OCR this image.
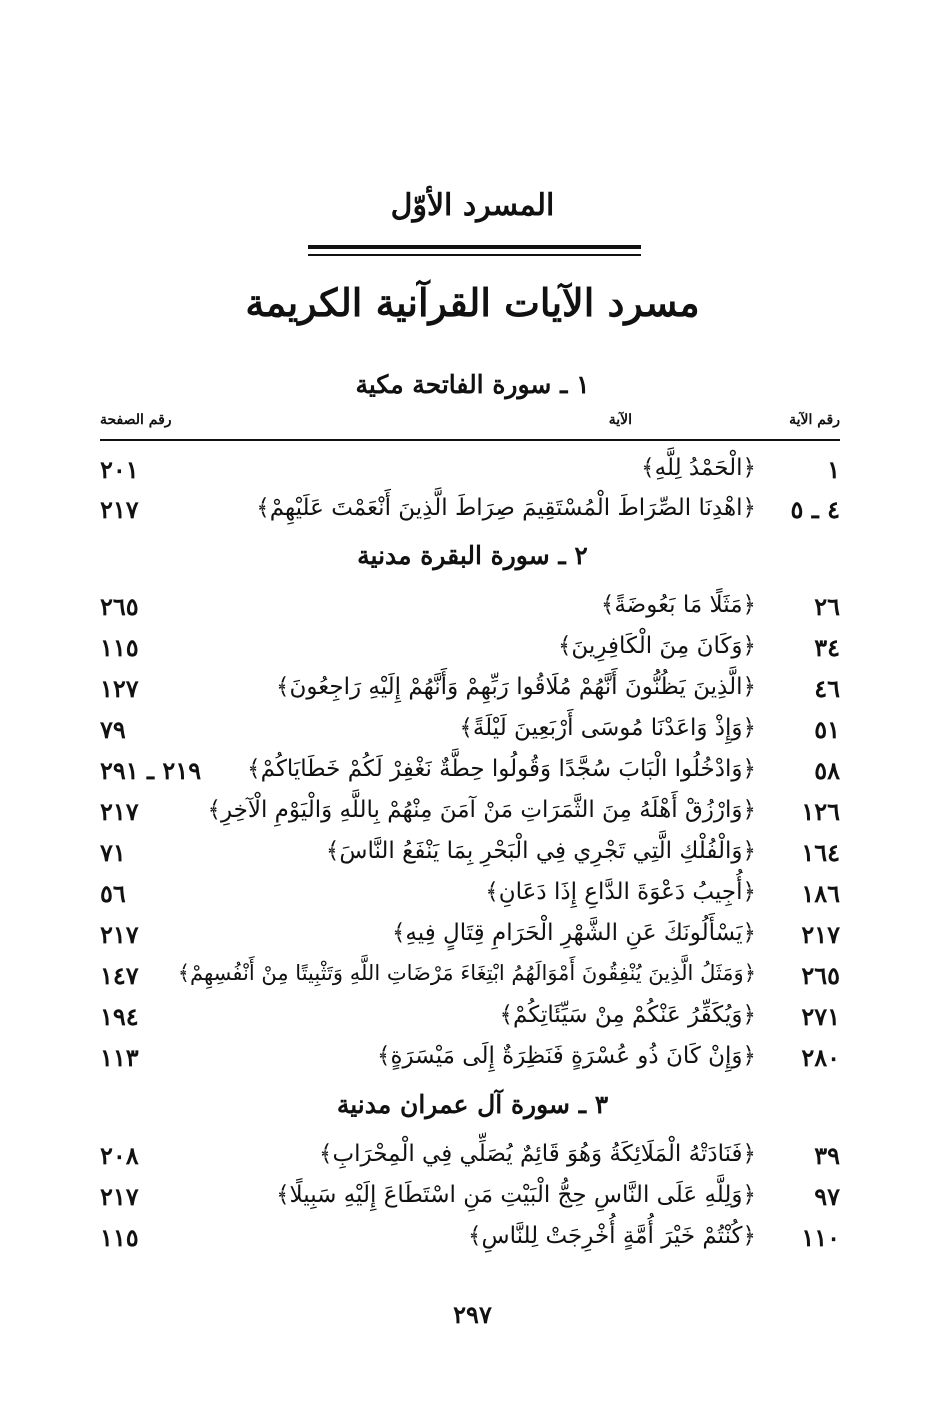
المسرد الأوّل
مسرد الآيات القرآنية الكريمة
رقم الآية
الآية
رقم الصفحة
١ ـ سورة الفاتحة مكية
١
﴿الْحَمْدُ لِلَّهِ﴾
٢٠١
٤ ـ ٥
﴿اهْدِنَا الصِّرَاطَ الْمُسْتَقِيمَ صِرَاطَ الَّذِينَ أَنْعَمْتَ عَلَيْهِمْ﴾
٢١٧
٢ ـ سورة البقرة مدنية
٢٦
﴿مَثَلًا مَا بَعُوضَةً﴾
٢٦٥
٣٤
﴿وَكَانَ مِنَ الْكَافِرِينَ﴾
١١٥
٤٦
﴿الَّذِينَ يَظُنُّونَ أَنَّهُمْ مُلَاقُوا رَبِّهِمْ وَأَنَّهُمْ إِلَيْهِ رَاجِعُونَ﴾
١٢٧
٥١
﴿وَإِذْ وَاعَدْنَا مُوسَى أَرْبَعِينَ لَيْلَةً﴾
٧٩
٥٨
﴿وَادْخُلُوا الْبَابَ سُجَّدًا وَقُولُوا حِطَّةٌ نَغْفِرْ لَكُمْ خَطَايَاكُمْ﴾
٢١٩ ـ ٢٩١
١٢٦
﴿وَارْزُقْ أَهْلَهُ مِنَ الثَّمَرَاتِ مَنْ آمَنَ مِنْهُمْ بِاللَّهِ وَالْيَوْمِ الْآخِرِ﴾
٢١٧
١٦٤
﴿وَالْفُلْكِ الَّتِي تَجْرِي فِي الْبَحْرِ بِمَا يَنْفَعُ النَّاسَ﴾
٧١
١٨٦
﴿أُجِيبُ دَعْوَةَ الدَّاعِ إِذَا دَعَانِ﴾
٥٦
٢١٧
﴿يَسْأَلُونَكَ عَنِ الشَّهْرِ الْحَرَامِ قِتَالٍ فِيهِ﴾
٢١٧
٢٦٥
﴿وَمَثَلُ الَّذِينَ يُنْفِقُونَ أَمْوَالَهُمُ ابْتِغَاءَ مَرْضَاتِ اللَّهِ وَتَثْبِيتًا مِنْ أَنْفُسِهِمْ﴾
١٤٧
٢٧١
﴿وَيُكَفِّرُ عَنْكُمْ مِنْ سَيِّئَاتِكُمْ﴾
١٩٤
٢٨٠
﴿وَإِنْ كَانَ ذُو عُسْرَةٍ فَنَظِرَةٌ إِلَى مَيْسَرَةٍ﴾
١١٣
٣ ـ سورة آل عمران مدنية
٣٩
﴿فَنَادَتْهُ الْمَلَائِكَةُ وَهُوَ قَائِمٌ يُصَلِّي فِي الْمِحْرَابِ﴾
٢٠٨
٩٧
﴿وَلِلَّهِ عَلَى النَّاسِ حِجُّ الْبَيْتِ مَنِ اسْتَطَاعَ إِلَيْهِ سَبِيلًا﴾
٢١٧
١١٠
﴿كُنْتُمْ خَيْرَ أُمَّةٍ أُخْرِجَتْ لِلنَّاسِ﴾
١١٥
٢٩٧
